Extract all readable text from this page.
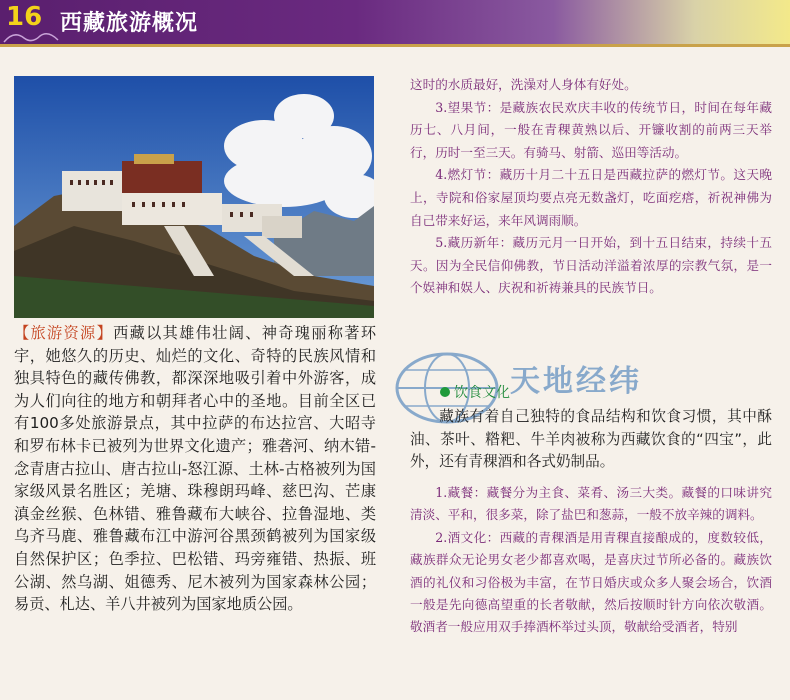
16 西藏旅游概况
【旅游资源】西藏以其雄伟壮阔、神奇瑰丽称著环宇，她悠久的历史、灿烂的文化、奇特的民族风情和独具特色的藏传佛教，都深深地吸引着中外游客，成为人们向往的地方和朝拜者心中的圣地。目前全区已有100多处旅游景点，其中拉萨的布达拉宫、大昭寺和罗布林卡已被列为世界文化遗产；雅砻河、纳木错-念青唐古拉山、唐古拉山-怒江源、土林-古格被列为国家级风景名胜区；羌塘、珠穆朗玛峰、慈巴沟、芒康滇金丝猴、色林错、雅鲁藏布大峡谷、拉鲁湿地、类乌齐马鹿、雅鲁藏布江中游河谷黑颈鹤被列为国家级自然保护区；色季拉、巴松错、玛旁雍错、热振、班公湖、然乌湖、姐德秀、尼木被列为国家森林公园；易贡、札达、羊八井被列为国家地质公园。

这时的水质最好，洗澡对人身体有好处。

3.望果节：是藏族农民欢庆丰收的传统节日，时间在每年藏历七、八月间，一般在青稞黄熟以后、开镰收割的前两三天举行，历时一至三天。有骑马、射箭、巡田等活动。

4.燃灯节：藏历十月二十五日是西藏拉萨的燃灯节。这天晚上，寺院和俗家屋顶均要点亮无数盏灯，吃面疙瘩，祈祝神佛为自己带来好运，来年风调雨顺。

5.藏历新年：藏历元月一日开始，到十五日结束，持续十五天。因为全民信仰佛教，节日活动洋溢着浓厚的宗教气氛，是一个娱神和娱人、庆祝和祈祷兼具的民族节日。

天地经纬
饮食文化
藏族有着自己独特的食品结构和饮食习惯，其中酥油、茶叶、糌粑、牛羊肉被称为西藏饮食的“四宝”，此外，还有青稞酒和各式奶制品。

1.藏餐：藏餐分为主食、菜肴、汤三大类。藏餐的口味讲究清淡、平和，很多菜，除了盐巴和葱蒜，一般不放辛辣的调料。

2.酒文化：西藏的青稞酒是用青稞直接酿成的，度数较低，藏族群众无论男女老少都喜欢喝，是喜庆过节所必备的。藏族饮酒的礼仪和习俗极为丰富，在节日婚庆或众多人聚会场合，饮酒一般是先向德高望重的长者敬献，然后按顺时针方向依次敬酒。敬酒者一般应用双手捧酒杯举过头顶，敬献给受酒者，特别
